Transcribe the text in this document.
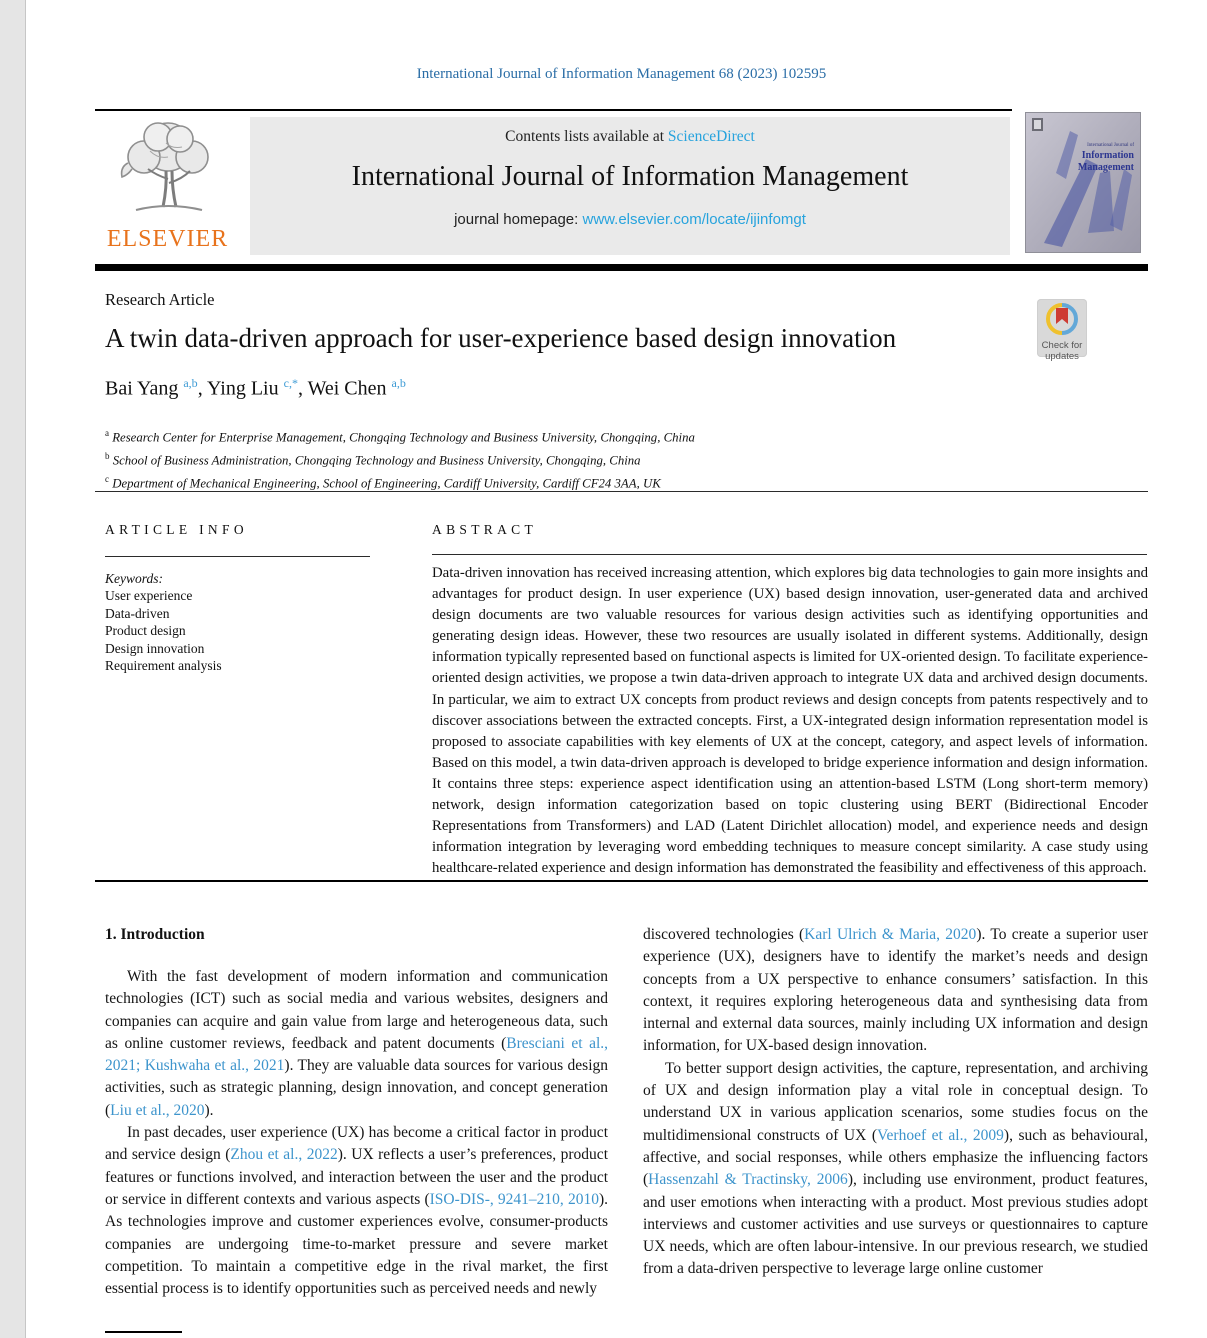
International Journal of Information Management 68 (2023) 102595
ELSEVIER
Contents lists available at ScienceDirect
International Journal of Information Management
journal homepage: www.elsevier.com/locate/ijinfomgt
International Journal of
Information
Management
Research Article
A twin data-driven approach for user-experience based design innovation	Check for
updates
Bai Yang $^{a,b}$, Ying Liu $^{c,*}$, Wei Chen $^{a,b}$
$^a$ Research Center for Enterprise Management, Chongqing Technology and Business University, Chongqing, China
$^b$ School of Business Administration, Chongqing Technology and Business University, Chongqing, China
$^c$ Department of Mechanical Engineering, School of Engineering, Cardiff University, Cardiff CF24 3AA, UK
ARTICLE INFO	ABSTRACT
Keywords:
User experience
Data-driven
Product design
Design innovation
Requirement analysis
Data-driven innovation has received increasing attention, which explores big data technologies to gain more insights and advantages for product design. In user experience (UX) based design innovation, user-generated data and archived design documents are two valuable resources for various design activities such as identifying opportunities and generating design ideas. However, these two resources are usually isolated in different systems. Additionally, design information typically represented based on functional aspects is limited for UX-oriented design. To facilitate experience-oriented design activities, we propose a twin data-driven approach to integrate UX data and archived design documents. In particular, we aim to extract UX concepts from product reviews and design concepts from patents respectively and to discover associations between the extracted concepts. First, a UX-integrated design information representation model is proposed to associate capabilities with key elements of UX at the concept, category, and aspect levels of information. Based on this model, a twin data-driven approach is developed to bridge experience information and design information. It contains three steps: experience aspect identification using an attention-based LSTM (Long short-term memory) network, design information categorization based on topic clustering using BERT (Bidirectional Encoder Representations from Transformers) and LAD (Latent Dirichlet allocation) model, and experience needs and design information integration by leveraging word embedding techniques to measure concept similarity. A case study using healthcare-related experience and design information has demonstrated the feasibility and effectiveness of this approach.
1. Introduction

With the fast development of modern information and communication technologies (ICT) such as social media and various websites, designers and companies can acquire and gain value from large and heterogeneous data, such as online customer reviews, feedback and patent documents (Bresciani et al., 2021; Kushwaha et al., 2021). They are valuable data sources for various design activities, such as strategic planning, design innovation, and concept generation (Liu et al., 2020).

In past decades, user experience (UX) has become a critical factor in product and service design (Zhou et al., 2022). UX reflects a user’s preferences, product features or functions involved, and interaction between the user and the product or service in different contexts and various aspects (ISO-DIS-, 9241–210, 2010). As technologies improve and customer experiences evolve, consumer-products companies are undergoing time-to-market pressure and severe market competition. To maintain a competitive edge in the rival market, the first essential process is to identify opportunities such as perceived needs and newly

discovered technologies (Karl Ulrich & Maria, 2020). To create a superior user experience (UX), designers have to identify the market’s needs and design concepts from a UX perspective to enhance consumers’ satisfaction. In this context, it requires exploring heterogeneous data and synthesising data from internal and external data sources, mainly including UX information and design information, for UX-based design innovation.

To better support design activities, the capture, representation, and archiving of UX and design information play a vital role in conceptual design. To understand UX in various application scenarios, some studies focus on the multidimensional constructs of UX (Verhoef et al., 2009), such as behavioural, affective, and social responses, while others emphasize the influencing factors (Hassenzahl & Tractinsky, 2006), including use environment, product features, and user emotions when interacting with a product. Most previous studies adopt interviews and customer activities and use surveys or questionnaires to capture UX needs, which are often labour-intensive. In our previous research, we studied from a data-driven perspective to leverage large online customer
